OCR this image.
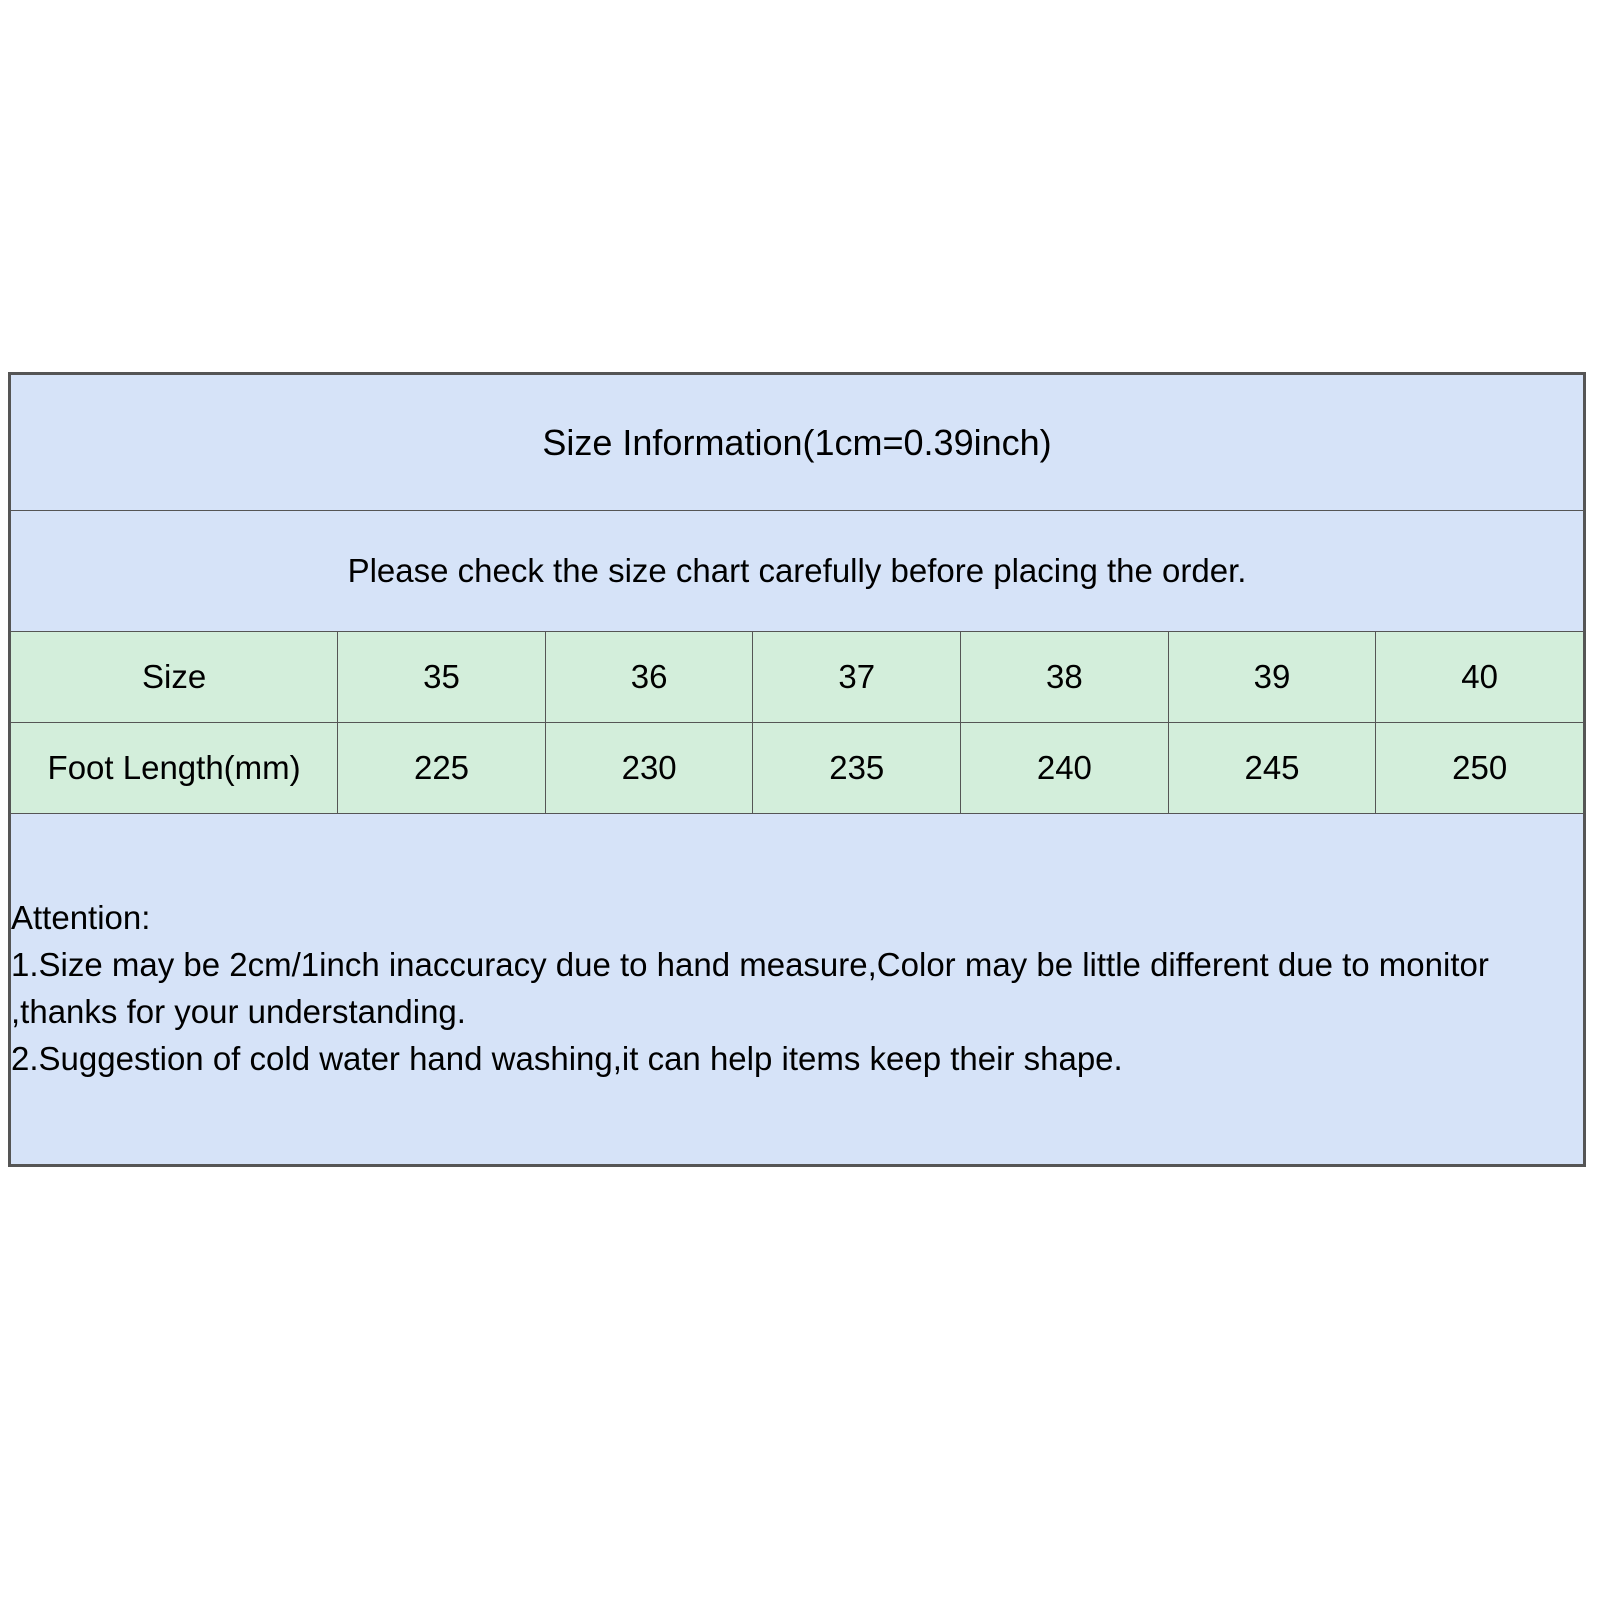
Size Information(1cm=0.39inch)						
Please check the size chart carefully before placing the order.						
Size	35	36	37	38	39	40
Foot Length(mm)	225	230	235	240	245	250

Attention:
1.Size may be 2cm/1inch inaccuracy due to hand measure,Color may be little different due to monitor ,thanks for your understanding.
2.Suggestion of cold water hand washing,it can help items keep their shape.						
